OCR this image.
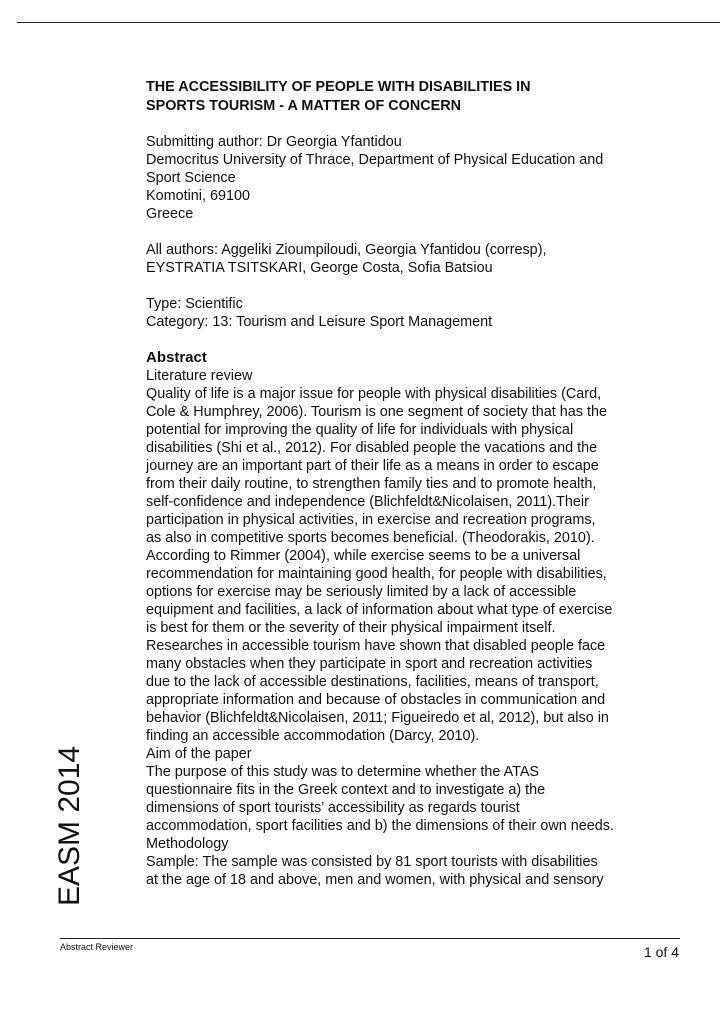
EASM 2014
THE ACCESSIBILITY OF PEOPLE WITH DISABILITIES IN
SPORTS TOURISM - A MATTER OF CONCERN
Submitting author: Dr Georgia Yfantidou
Democritus University of Thrace, Department of Physical Education and
Sport Science
Komotini, 69100
Greece
All authors: Aggeliki Zioumpiloudi, Georgia Yfantidou (corresp),
EYSTRATIA TSITSKARI, George Costa, Sofia Batsiou
Type: Scientific
Category: 13: Tourism and Leisure Sport Management
Abstract
Literature review
Quality of life is a major issue for people with physical disabilities (Card,
Cole & Humphrey, 2006). Tourism is one segment of society that has the
potential for improving the quality of life for individuals with physical
disabilities (Shi et al., 2012). For disabled people the vacations and the
journey are an important part of their life as a means in order to escape
from their daily routine, to strengthen family ties and to promote health,
self-confidence and independence (Blichfeldt&Nicolaisen, 2011).Their
participation in physical activities, in exercise and recreation programs,
as also in competitive sports becomes beneficial. (Theodorakis, 2010).
According to Rimmer (2004), while exercise seems to be a universal
recommendation for maintaining good health, for people with disabilities,
options for exercise may be seriously limited by a lack of accessible
equipment and facilities, a lack of information about what type of exercise
is best for them or the severity of their physical impairment itself.
Researches in accessible tourism have shown that disabled people face
many obstacles when they participate in sport and recreation activities
due to the lack of accessible destinations, facilities, means of transport,
appropriate information and because of obstacles in communication and
behavior (Blichfeldt&Nicolaisen, 2011; Figueiredo et al, 2012), but also in
finding an accessible accommodation (Darcy, 2010).
Aim of the paper
The purpose of this study was to determine whether the ATAS
questionnaire fits in the Greek context and to investigate a) the
dimensions of sport tourists’ accessibility as regards tourist
accommodation, sport facilities and b) the dimensions of their own needs.
Methodology
Sample: The sample was consisted by 81 sport tourists with disabilities
at the age of 18 and above, men and women, with physical and sensory
Abstract Reviewer	1 of 4
